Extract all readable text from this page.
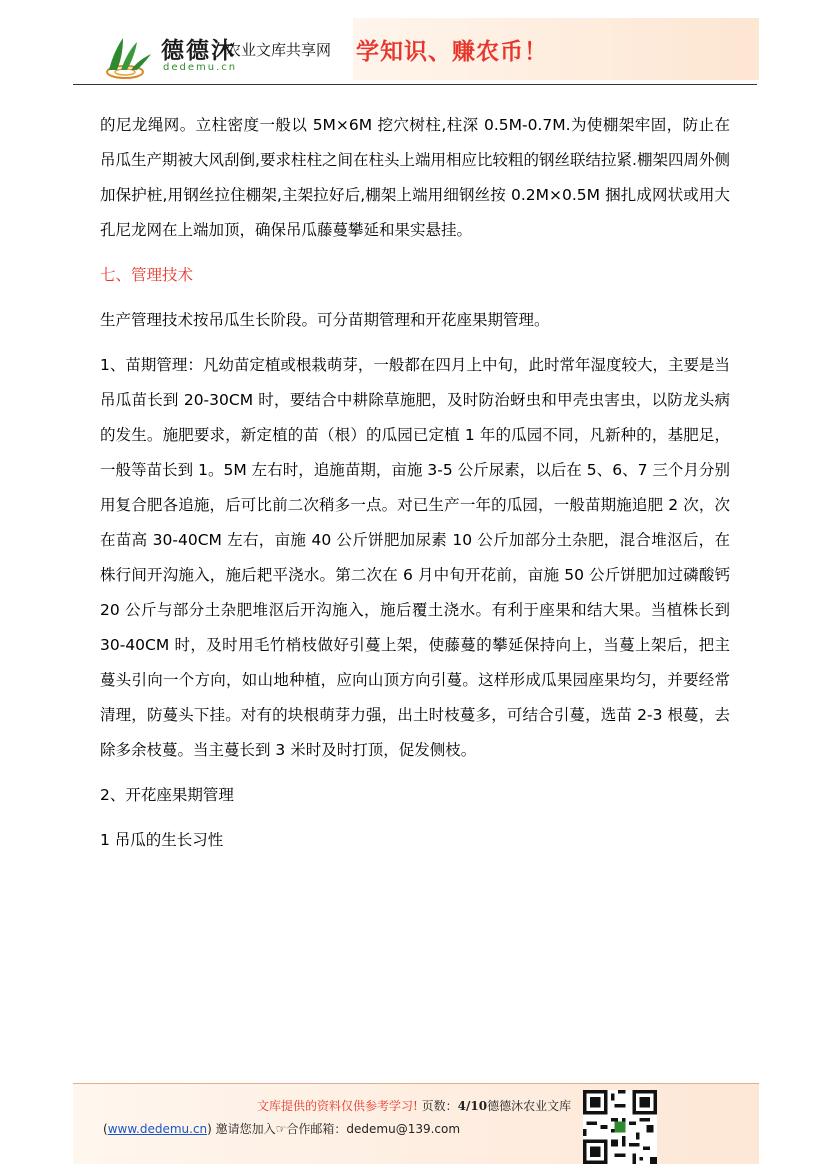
德德沐
dedemu.cn
农业文库共享网 学知识、赚农币！

的尼龙绳网。立柱密度一般以 5M×6M 挖穴树柱,柱深 0.5M-0.7M.为使棚架牢固，防止在吊瓜生产期被大风刮倒,要求柱柱之间在柱头上端用相应比较粗的钢丝联结拉紧.棚架四周外侧加保护桩,用钢丝拉住棚架,主架拉好后,棚架上端用细钢丝按 0.2M×0.5M 捆扎成网状或用大孔尼龙网在上端加顶，确保吊瓜藤蔓攀延和果实悬挂。

七、管理技术

生产管理技术按吊瓜生长阶段。可分苗期管理和开花座果期管理。

1、苗期管理：凡幼苗定植或根栽萌芽，一般都在四月上中旬，此时常年湿度较大，主要是当吊瓜苗长到 20-30CM 时，要结合中耕除草施肥，及时防治蚜虫和甲壳虫害虫，以防龙头病的发生。施肥要求，新定植的苗（根）的瓜园已定植 1 年的瓜园不同，凡新种的，基肥足，一般等苗长到 1。5M 左右时，追施苗期，亩施 3-5 公斤尿素，以后在 5、6、7 三个月分别用复合肥各追施，后可比前二次稍多一点。对已生产一年的瓜园，一般苗期施追肥 2 次，次在苗高 30-40CM 左右，亩施 40 公斤饼肥加尿素 10 公斤加部分土杂肥，混合堆沤后，在株行间开沟施入，施后耙平浇水。第二次在 6 月中旬开花前，亩施 50 公斤饼肥加过磷酸钙 20 公斤与部分土杂肥堆沤后开沟施入，施后覆土浇水。有利于座果和结大果。当植株长到 30-40CM 时，及时用毛竹梢枝做好引蔓上架，使藤蔓的攀延保持向上，当蔓上架后，把主蔓头引向一个方向，如山地种植，应向山顶方向引蔓。这样形成瓜果园座果均匀，并要经常清理，防蔓头下挂。对有的块根萌芽力强，出土时枝蔓多，可结合引蔓，选苗 2-3 根蔓，去除多余枝蔓。当主蔓长到 3 米时及时打顶，促发侧枝。

2、开花座果期管理

1 吊瓜的生长习性

文库提供的资料仅供参考学习! 页数：4/10德德沐农业文库
(www.dedemu.cn) 邀请您加入☞合作邮箱：dedemu@139.com
